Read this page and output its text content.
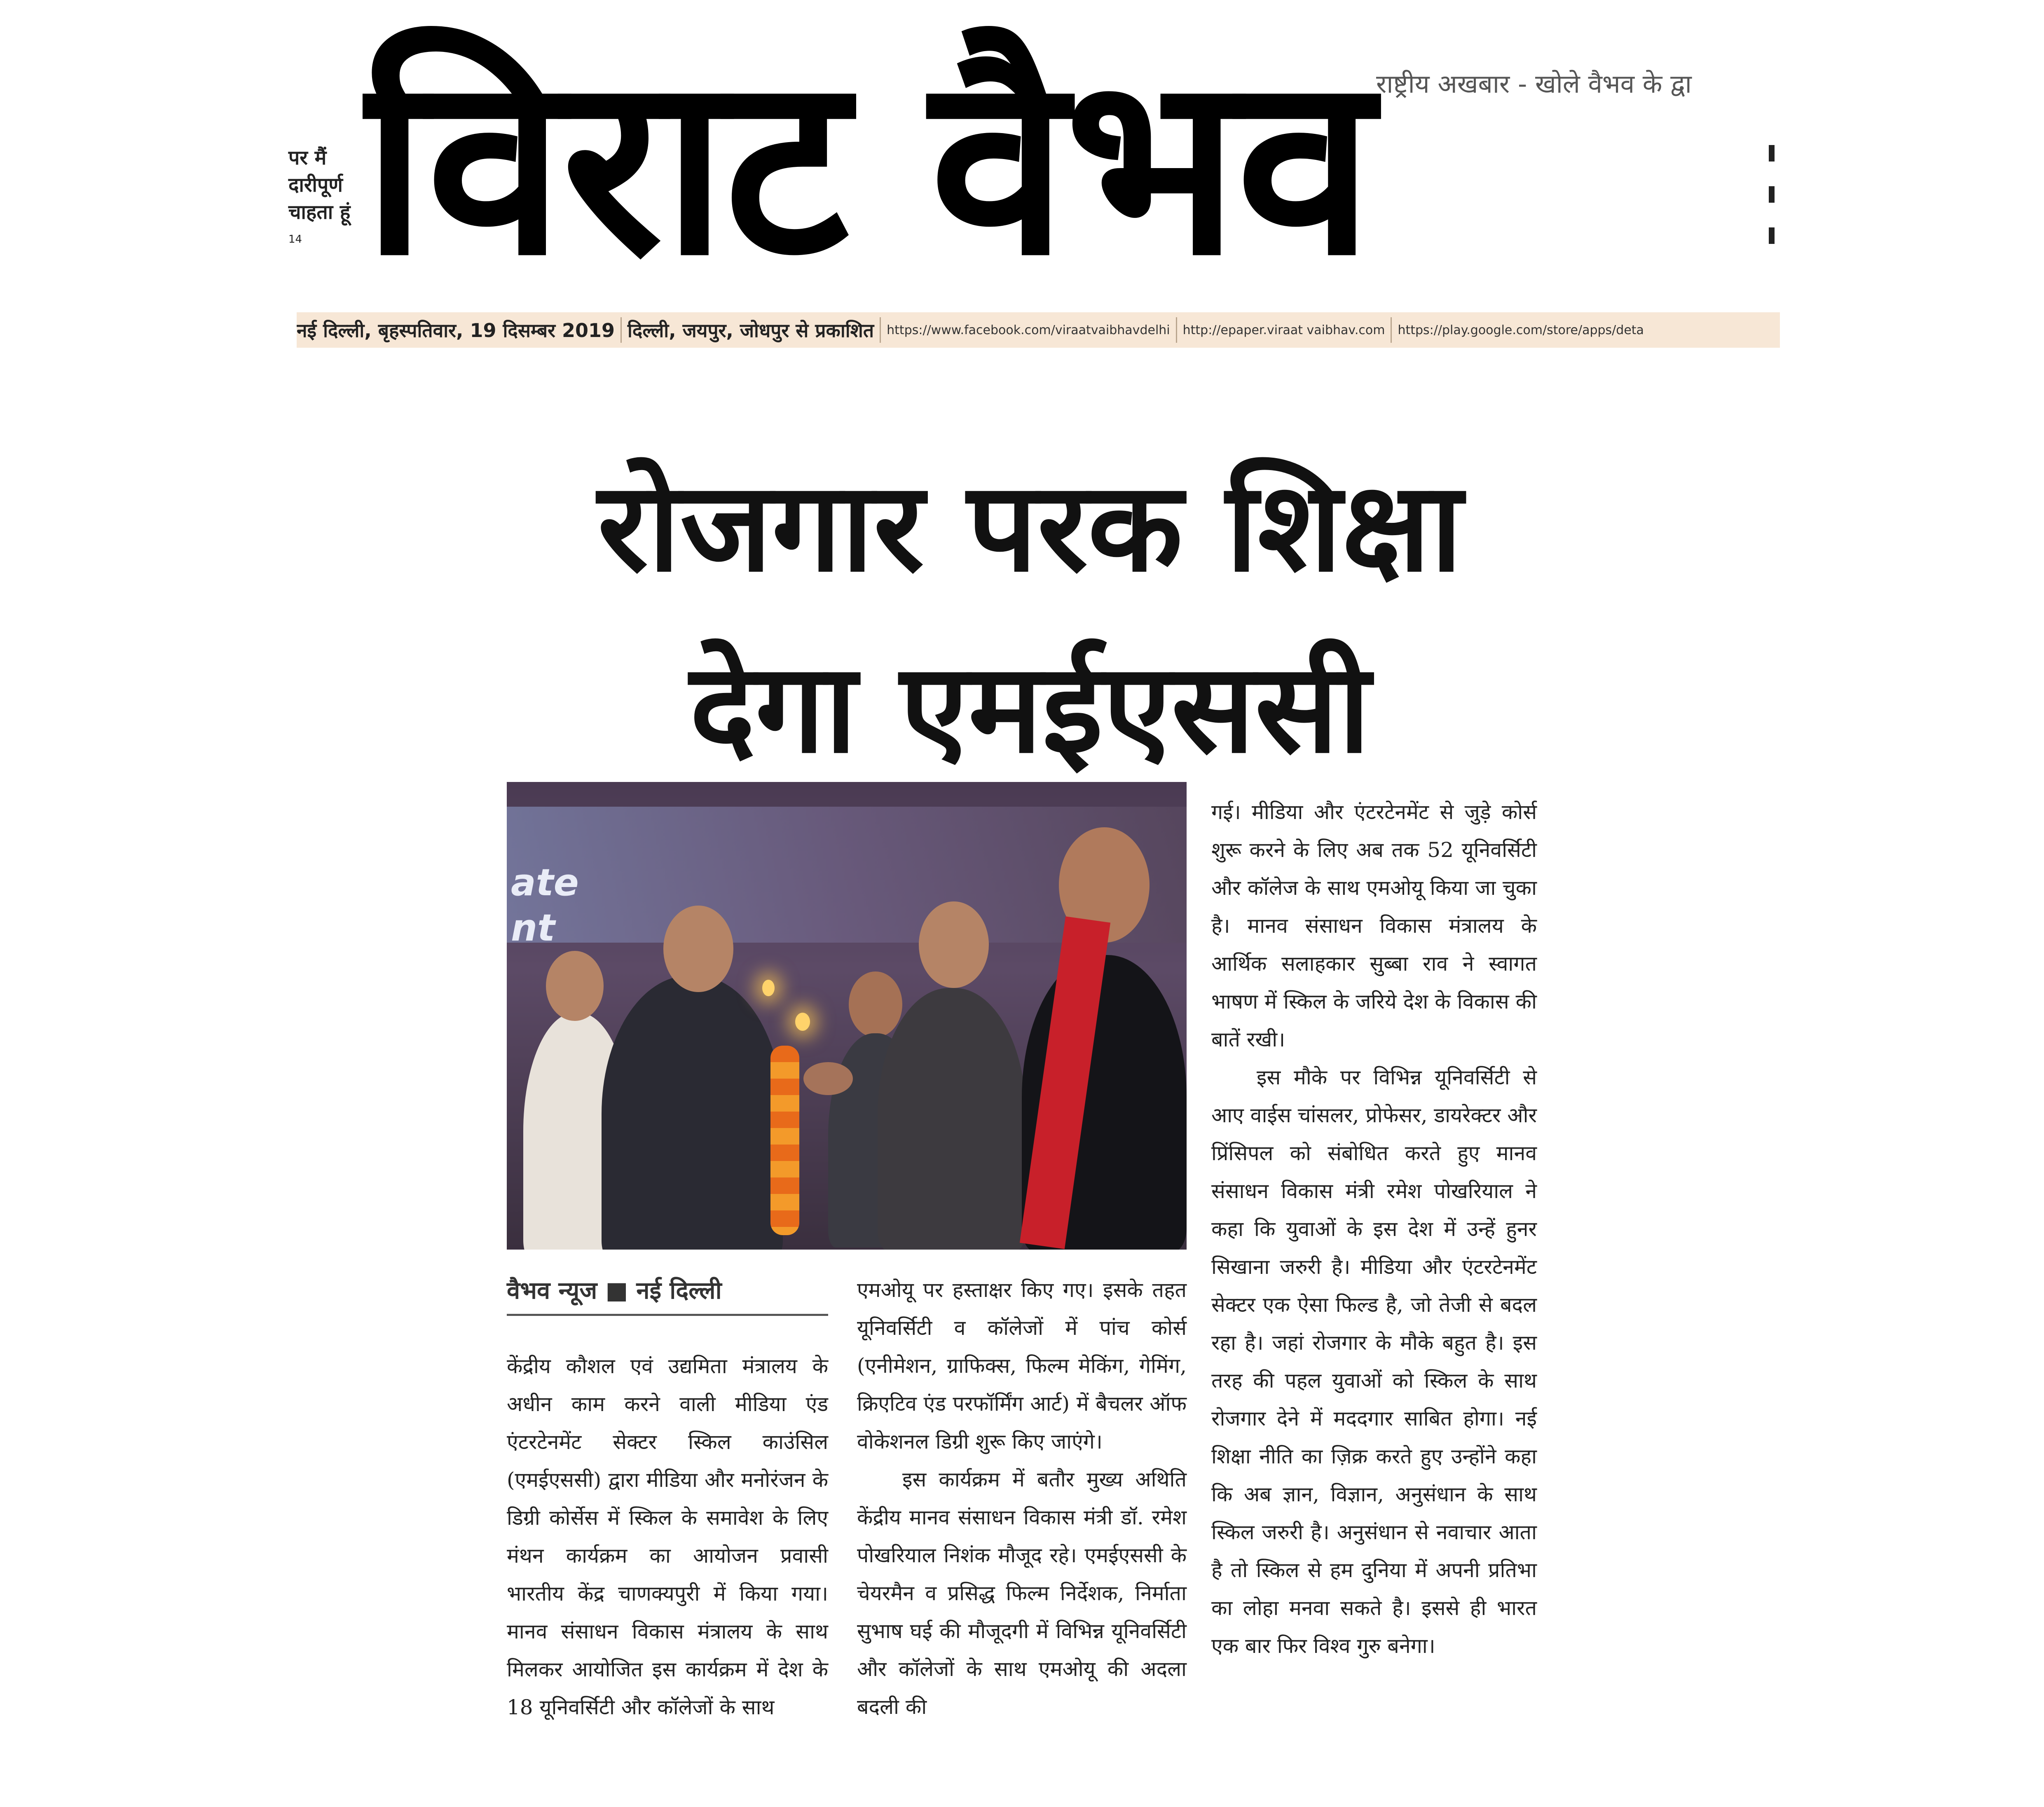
पर मैं
दारीपूर्ण
चाहता हूं
14 विराट वैभव राष्ट्रीय अखबार - खोले वैभव के द्वा
नई दिल्ली, बृहस्पतिवार, 19 दिसम्बर 2019 दिल्ली, जयपुर, जोधपुर से प्रकाशित https://www.facebook.com/viraatvaibhavdelhi http://epaper.viraat vaibhav.com https://play.google.com/store/apps/deta
रोजगार परक शिक्षा
देगा एमईएससी
ate
nt
वैभव न्यूज ■ नई दिल्ली

केंद्रीय कौशल एवं उद्यमिता मंत्रालय के अधीन काम करने वाली मीडिया एंड एंटरटेनमेंट सेक्टर स्किल काउंसिल (एमईएससी) द्वारा मीडिया और मनोरंजन के डिग्री कोर्सेस में स्किल के समावेश के लिए मंथन कार्यक्रम का आयोजन प्रवासी भारतीय केंद्र चाणक्यपुरी में किया गया। मानव संसाधन विकास मंत्रालय के साथ मिलकर आयोजित इस कार्यक्रम में देश के 18 यूनिवर्सिटी और कॉलेजों के साथ

एमओयू पर हस्ताक्षर किए गए। इसके तहत यूनिवर्सिटी व कॉलेजों में पांच कोर्स (एनीमेशन, ग्राफिक्स, फिल्म मेकिंग, गेमिंग, क्रिएटिव एंड परफॉर्मिंग आर्ट) में बैचलर ऑफ वोकेशनल डिग्री शुरू किए जाएंगे।

इस कार्यक्रम में बतौर मुख्य अथिति केंद्रीय मानव संसाधन विकास मंत्री डॉ. रमेश पोखरियाल निशंक मौजूद रहे। एमईएससी के चेयरमैन व प्रसिद्ध फिल्म निर्देशक, निर्माता सुभाष घई की मौजूदगी में विभिन्न यूनिवर्सिटी और कॉलेजों के साथ एमओयू की अदला बदली की

गई। मीडिया और एंटरटेनमेंट से जुड़े कोर्स शुरू करने के लिए अब तक 52 यूनिवर्सिटी और कॉलेज के साथ एमओयू किया जा चुका है। मानव संसाधन विकास मंत्रालय के आर्थिक सलाहकार सुब्बा राव ने स्वागत भाषण में स्किल के जरिये देश के विकास की बातें रखी।

इस मौके पर विभिन्न यूनिवर्सिटी से आए वाईस चांसलर, प्रोफेसर, डायरेक्टर और प्रिंसिपल को संबोधित करते हुए मानव संसाधन विकास मंत्री रमेश पोखरियाल ने कहा कि युवाओं के इस देश में उन्हें हुनर सिखाना जरुरी है। मीडिया और एंटरटेनमेंट सेक्टर एक ऐसा फिल्ड है, जो तेजी से बदल रहा है। जहां रोजगार के मौके बहुत है। इस तरह की पहल युवाओं को स्किल के साथ रोजगार देने में मददगार साबित होगा। नई शिक्षा नीति का ज़िक्र करते हुए उन्होंने कहा कि अब ज्ञान, विज्ञान, अनुसंधान के साथ स्किल जरुरी है। अनुसंधान से नवाचार आता है तो स्किल से हम दुनिया में अपनी प्रतिभा का लोहा मनवा सकते है। इससे ही भारत एक बार फिर विश्व गुरु बनेगा।
